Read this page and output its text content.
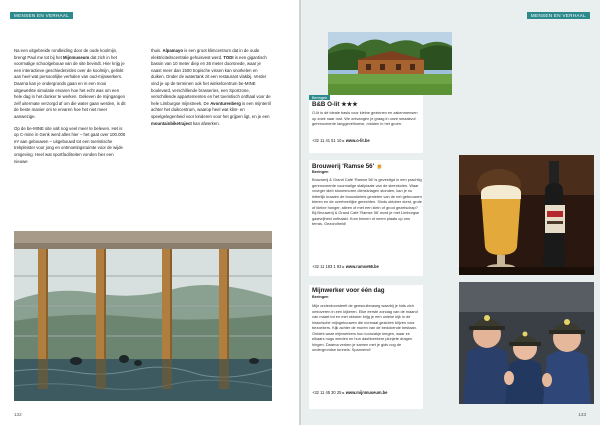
MENSEN EN VERHAAL

Na een uitgebreide rondleiding door de oude koolmijn, brengt Paul me tot bij het Mijnmuseum dat zich in het voormalige schoolgebouw van de site bevindt. Hier krijg je een interactieve geschiedenisles over de koolmijn, gelinkt aan heel wat persoonlijke verhalen van oud-mijnwerkers. Daarna kan je ondergronds gaan en in een mooi uitgewerkte simulatie ervaren hoe het echt was om een hele dag in het donker te werken. Gelieven de mijngangen zelf uitermate verzorgd af om die water gaan werden, is dit de beste manier om te ervaren hoe het niet meer aanwezige.

Op de be-MINE site valt nog veel meer te beleven. Het is op C-mine in Genk werd alles hier – het gaat over 100.000 m² aan gebouwen – uitgebouwd tot een toeristische trekpleister voor jong en ontmoetingsruimte voor de wijde omgeving. Heel wat sportfaciliteiten vonden hier een nieuwe

thuis. Alpamayo is een groot klimcentrum dat in de oude elektriciteitscentrale gehuisvest werd. TODI is een gigantisch bassin van 10 meter diep en 36 meter doorsnede, waar je naast meer dan 1500 tropische vissen kan snorkelen en duiken. Onder de watertank zit een restaurant vlakbij. Verder vind je op de terreinen ook het winkelcentrum be-MINE boulevard, verschillende brasseries, een Sportzone, verschillende appartementen en het toeristisch onthaal voor de hele Limburgse mijnstreek. De Avonturenberg is een mijnterril achter het duikcentrum, waarop heel wat klim- en speelgelegenheid voor kinderen voor het grijpen ligt, en je een mountainbiketraject kan afwerken.

132
MENSEN EN VERHAAL
Beringen
B&B O-lit ★★★
O-lit is dé ideale basis voor kleine gezinnen en zakenmensen op zoek naar rust. We ontvangen je graag in onze smaakvol gerenoveerde langgevelhoeve, midden in het groen.
+32 11 41 51 10 ▸ www.o-lit.be
Brouwerij 'Ramse 56' 🍺
Beringen
Brouwerij & Grand Café 'Ramse 56' is gevestigd in een prachtig gerenoveerde voormalige stallplaats van de steenkolen. Waar vroeger dieb stoommoren dienstvlagen stonden, kan je nu letterlijk kraaien de brouwketels genieten van de net gebrouwen bieren en de overheerlijke gerechten. Sinds oktober dorst, grote of kleine honger, alleen of met een klein of groot gezelschap? Bij Brouwerij & Grand Café 'Ramse 56' word je met Limburgse gastvrijheid onthaald. Kom binnen of neem plaats op ons terras. Gezondheid!
+32 11 183 1 93 ▸ www.ramse56.be
Mijnwerker voor één dag
Beringen
Mijn onderdoorsteelt de geesnuiteraseg waarbij je kids zich omtoveren in een kijkeren. Elke eerste zondag van de maand van maart tot en met oktober krijg je een unieke kijk in de historische mijngebouwen die normaal gesloten blijven voor bezoekers. Kijk achter de muren van de bedokende bestaan. Ontdek waar mijnwerkers hun loonzakje kregen, waar ze elkaars nugs werden en hun dashkeekere plunjete dragen hingen. Daarna verken je samen met je gids nog de ondergrondse tunnels. Spannend!
+32 11 45 30 25 ▸ www.mijnmuseum.be
133
